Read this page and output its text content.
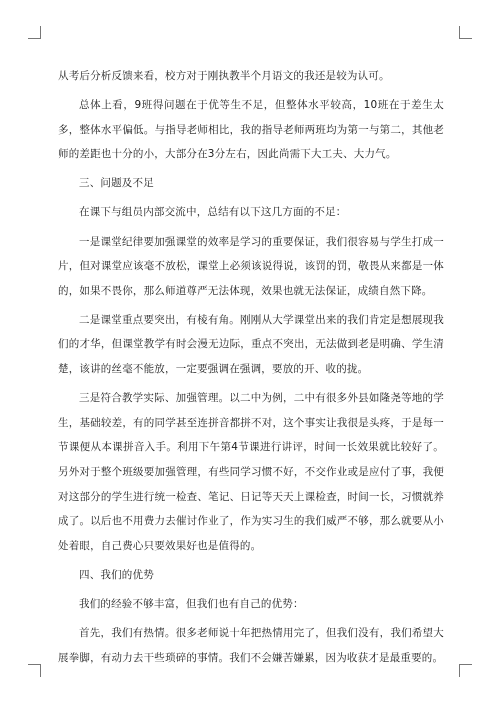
从考后分析反馈来看，校方对于刚执教半个月语文的我还是较为认可。

总体上看，9班得问题在于优等生不足，但整体水平较高，10班在于差生太多，整体水平偏低。与指导老师相比，我的指导老师两班均为第一与第二，其他老师的差距也十分的小，大部分在3分左右，因此尚需下大工夫、大力气。

三、问题及不足

在课下与组员内部交流中，总结有以下这几方面的不足：

一是课堂纪律要加强课堂的效率是学习的重要保证，我们很容易与学生打成一片，但对课堂应该毫不放松，课堂上必须该说得说，该罚的罚，敬畏从来都是一体的，如果不畏你，那么师道尊严无法体现，效果也就无法保证，成绩自然下降。

二是课堂重点要突出，有棱有角。刚刚从大学课堂出来的我们肯定是想展现我们的才华，但课堂教学有时会漫无边际，重点不突出，无法做到老是明确、学生清楚，该讲的丝毫不能放，一定要强调在强调，要放的开、收的拢。

三是符合教学实际、加强管理。以二中为例，二中有很多外县如隆尧等地的学生，基础较差，有的同学甚至连拼音都拼不对，这个事实让我很是头疼，于是每一节课便从本课拼音入手。利用下午第4节课进行讲评，时间一长效果就比较好了。另外对于整个班级要加强管理，有些同学习惯不好，不交作业或是应付了事，我便对这部分的学生进行统一检查、笔记、日记等天天上课检查，时间一长，习惯就养成了。以后也不用费力去催讨作业了，作为实习生的我们威严不够，那么就要从小处着眼，自己费心只要效果好也是值得的。

四、我们的优势

我们的经验不够丰富，但我们也有自己的优势：

首先，我们有热情。很多老师说十年把热情用完了，但我们没有，我们希望大展拳脚，有动力去干些琐碎的事情。我们不会嫌苦嫌累，因为收获才是最重要的。
